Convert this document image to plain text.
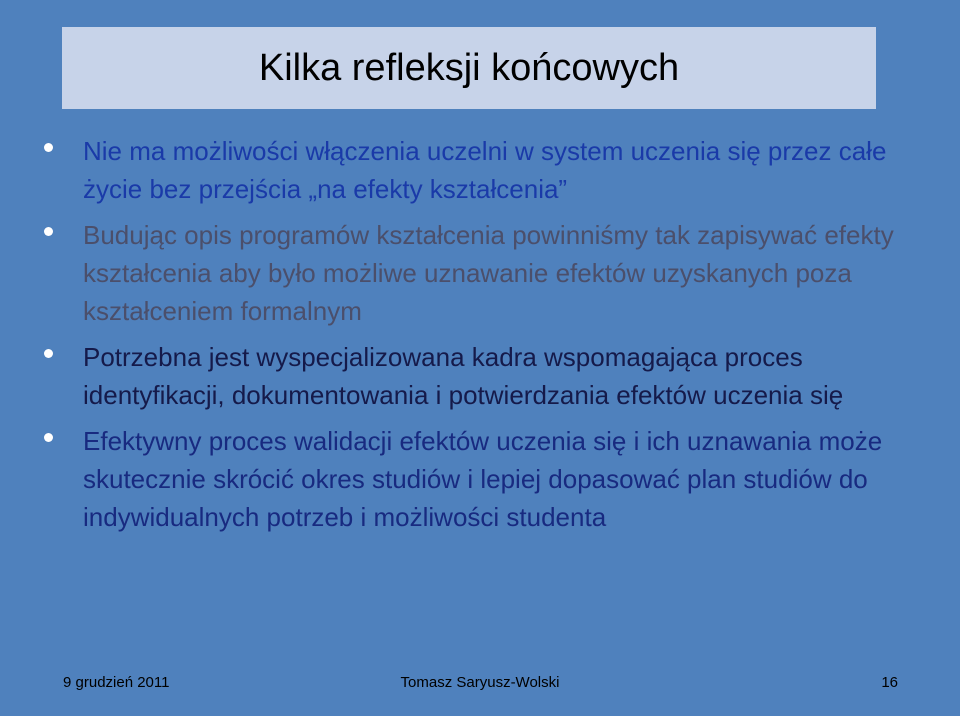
Kilka refleksji końcowych
Nie ma możliwości włączenia uczelni w system uczenia się przez całe życie bez przejścia „na efekty kształcenia”
Budując opis programów kształcenia powinniśmy tak zapisywać efekty kształcenia aby było możliwe uznawanie efektów uzyskanych poza kształceniem formalnym
Potrzebna jest wyspecjalizowana kadra wspomagająca proces identyfikacji, dokumentowania i potwierdzania efektów uczenia się
Efektywny proces walidacji efektów uczenia się i ich uznawania może skutecznie skrócić okres studiów i lepiej dopasować plan studiów do indywidualnych potrzeb i możliwości studenta
9 grudzień 2011	Tomasz Saryusz-Wolski	16
